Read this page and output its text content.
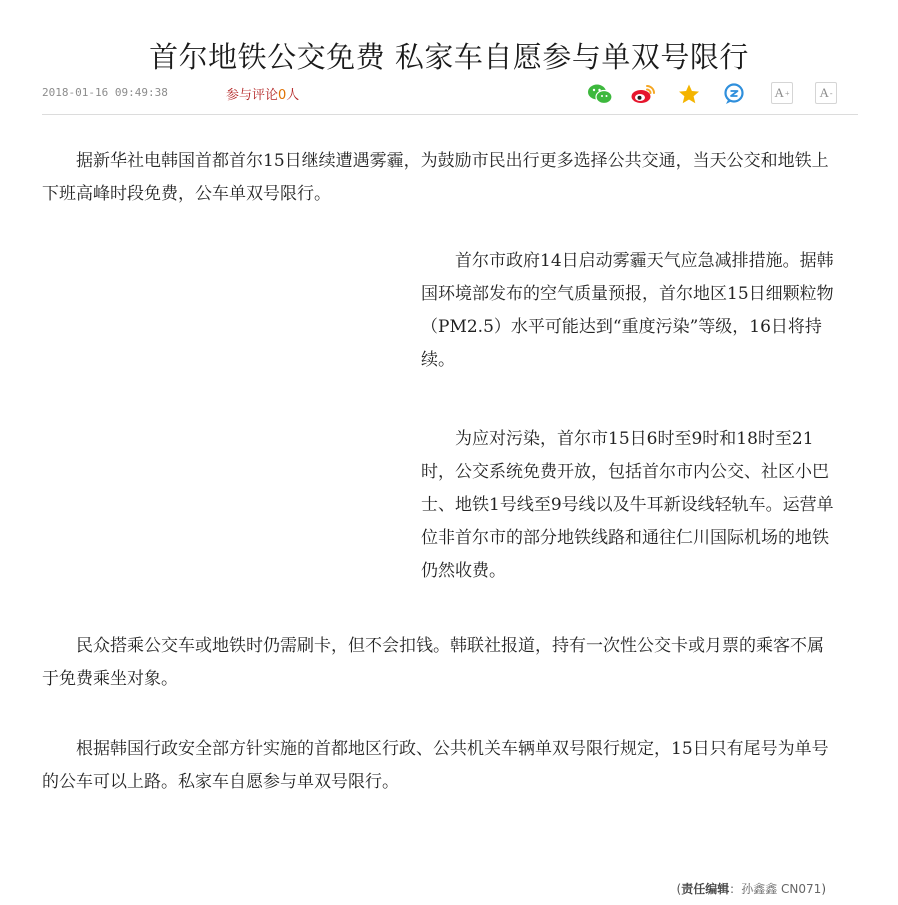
首尔地铁公交免费 私家车自愿参与单双号限行
2018-01-16 09:49:38	参与评论0人	A + A -

据新华社电韩国首都首尔15日继续遭遇雾霾，为鼓励市民出行更多选择公共交通，当天公交和地铁上下班高峰时段免费，公车单双号限行。

首尔市政府14日启动雾霾天气应急减排措施。据韩国环境部发布的空气质量预报，首尔地区15日细颗粒物（PM2.5）水平可能达到“重度污染”等级，16日将持续。

为应对污染，首尔市15日6时至9时和18时至21时，公交系统免费开放，包括首尔市内公交、社区小巴士、地铁1号线至9号线以及牛耳新设线轻轨车。运营单位非首尔市的部分地铁线路和通往仁川国际机场的地铁仍然收费。

民众搭乘公交车或地铁时仍需刷卡，但不会扣钱。韩联社报道，持有一次性公交卡或月票的乘客不属于免费乘坐对象。

根据韩国行政安全部方针实施的首都地区行政、公共机关车辆单双号限行规定，15日只有尾号为单号的公车可以上路。私家车自愿参与单双号限行。

(责任编辑：孙鑫鑫 CN071)
